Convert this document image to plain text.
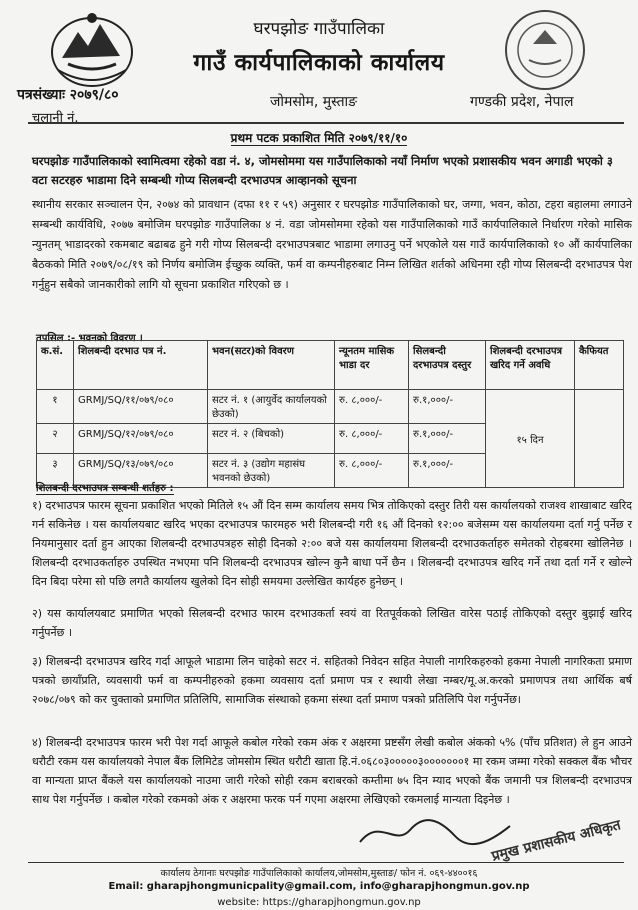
घरपझोङ गाउँपालिका
गाउँ कार्यपालिकाको कार्यालय
पत्रसंख्याः २०७९/८०
चलानी नं.
जोमसोम, मुस्ताङ	गण्डकी प्रदेश, नेपाल
प्रथम पटक प्रकाशित मिति २०७९/११/१०
घरपझोङ गाउँपालिकाको स्वामित्वमा रहेको वडा नं. ४, जोमसोममा यस गाउँपालिकाको नयाँ निर्माण भएको प्रशासकीय भवन अगाडी भएको ३ वटा सटरहरु भाडामा दिने सम्बन्धी गोप्य सिलबन्दी दरभाउपत्र आव्हानको सूचना
स्थानीय सरकार सञ्चालन ऐन, २०७४ को प्रावधान (दफा ११ र ५९) अनुसार र घरपझोङ गाउँपालिकाको घर, जग्गा, भवन, कोठा, टहरा बहालमा लगाउने सम्बन्धी कार्यविधि, २०७७ बमोजिम घरपझोङ गाउँपालिका ४ नं. वडा जोमसोममा रहेको यस गाउँपालिकाको गाउँ कार्यपालिकाले निर्धारण गरेको मासिक न्युनतम् भाडादरको रकमबाट बढाबढ हुने गरी गोप्य सिलबन्दी दरभाउपत्रबाट भाडामा लगाउनु पर्ने भएकोले यस गाउँ कार्यपालिकाको १० औं कार्यपालिका बैठकको मिति २०७९/०८/१९ को निर्णय बमोजिम ईच्छुक व्यक्ति, फर्म वा कम्पनीहरुबाट निम्न लिखित शर्तको अधिनमा रही गोप्य सिलबन्दी दरभाउपत्र पेश गर्नुहुन सबैको जानकारीको लागि यो सूचना प्रकाशित गरिएको छ ।
तपसिल :- भवनको विवरण ।
क.सं.	शिलबन्दी दरभाउ पत्र नं.	भवन(सटर)को विवरण	न्यूनतम मासिक भाडा दर	सिलबन्दी दरभाउपत्र दस्तुर	शिलबन्दी दरभाउपत्र खरिद गर्ने अवधि	कैफियत
१	GRMJ/SQ/११/०७९/०८०	सटर नं. १ (आयुर्वेद कार्यालयको छेउको)	रु. ८,०००/-	रु.१,०००/-	१५ दिन	
२	GRMJ/SQ/१२/०७९/०८०	सटर नं. २ (बिचको)	रु. ८,०००/-	रु.१,०००/-		
३	GRMJ/SQ/१३/०७९/०८०	सटर नं. ३ (उद्योग महासंघ भवनको छेउको)	रु. ८,०००/-	रु.१,०००/-		
शिलबन्दी दरभाउपत्र सम्बन्धी शर्तहरु :
१) दरभाउपत्र फारम सूचना प्रकाशित भएको मितिले १५ औं दिन सम्म कार्यालय समय भित्र तोकिएको दस्तुर तिरी यस कार्यालयको राजश्व शाखाबाट खरिद गर्न सकिनेछ । यस कार्यालयबाट खरिद भएका दरभाउपत्र फारमहरु भरी शिलबन्दी गरी १६ औं दिनको १२:०० बजेसम्म यस कार्यालयमा दर्ता गर्नु पर्नेछ र नियमानुसार दर्ता हुन आएका शिलबन्दी दरभाउपत्रहरु सोही दिनको २:०० बजे यस कार्यालयमा शिलबन्दी दरभाउकर्ताहरु समेतको रोहबरमा खोलिनेछ । शिलबन्दी दरभाउकर्ताहरु उपस्थित नभएमा पनि शिलबन्दी दरभाउपत्र खोल्न कुनै बाधा पर्ने छैन । शिलबन्दी दरभाउपत्र खरिद गर्ने तथा दर्ता गर्ने र खोल्ने दिन बिदा परेमा सो पछि लगतै कार्यालय खुलेको दिन सोही समयमा उल्लेखित कार्यहरु हुनेछन् ।
२) यस कार्यालयबाट प्रमाणित भएको सिलबन्दी दरभाउ फारम दरभाउकर्ता स्वयं वा रितपूर्वकको लिखित वारेस पठाई तोकिएको दस्तुर बुझाई खरिद गर्नुपर्नेछ ।
३) शिलबन्दी दरभाउपत्र खरिद गर्दा आफूले भाडामा लिन चाहेको सटर नं. सहितको निवेदन सहित नेपाली नागरिकहरुको हकमा नेपाली नागरिकता प्रमाण पत्रको छायाँप्रति, व्यवसायी फर्म वा कम्पनीहरुको हकमा व्यवसाय दर्ता प्रमाण पत्र र स्थायी लेखा नम्बर/मू.अ.करको प्रमाणपत्र तथा आर्थिक बर्ष २०७८/०७९ को कर चुक्ताको प्रमाणित प्रतिलिपि, सामाजिक संस्थाको हकमा संस्था दर्ता प्रमाण पत्रको प्रतिलिपि पेश गर्नुपर्नेछ।
४) शिलबन्दी दरभाउपत्र फारम भरी पेश गर्दा आफूले कबोल गरेको रकम अंक र अक्षरमा प्रष्टसँग लेखी कबोल अंकको ५% (पाँच प्रतिशत) ले हुन आउने धरौटी रकम यस कार्यालयको नेपाल बैंक लिमिटेड जोमसोम स्थित धरौटी खाता हि.नं.०६८०३०००००३०००००००१ मा रकम जम्मा गरेको सक्कल बैंक भौचर वा मान्यता प्राप्त बैंकले यस कार्यालयको नाउमा जारी गरेको सोही रकम बराबरको कम्तीमा ७५ दिन म्याद भएको बैंक जमानी पत्र शिलबन्दी दरभाउपत्र साथ पेश गर्नुपर्नेछ । कबोल गरेको रकमको अंक र अक्षरमा फरक पर्न गएमा अक्षरमा लेखिएको रकमलाई मान्यता दिइनेछ ।
प्रमुख प्रशासकीय अधिकृत
कार्यालय ठेगानाः घरपझोङ गाउँपालिकाको कार्यालय,जोमसोम,मुस्ताङ/ फोन नं. ०६९-४४००१६
Email: gharapjhongmunicpality@gmail.com, info@gharapjhongmun.gov.np
website: https://gharapjhongmun.gov.np
